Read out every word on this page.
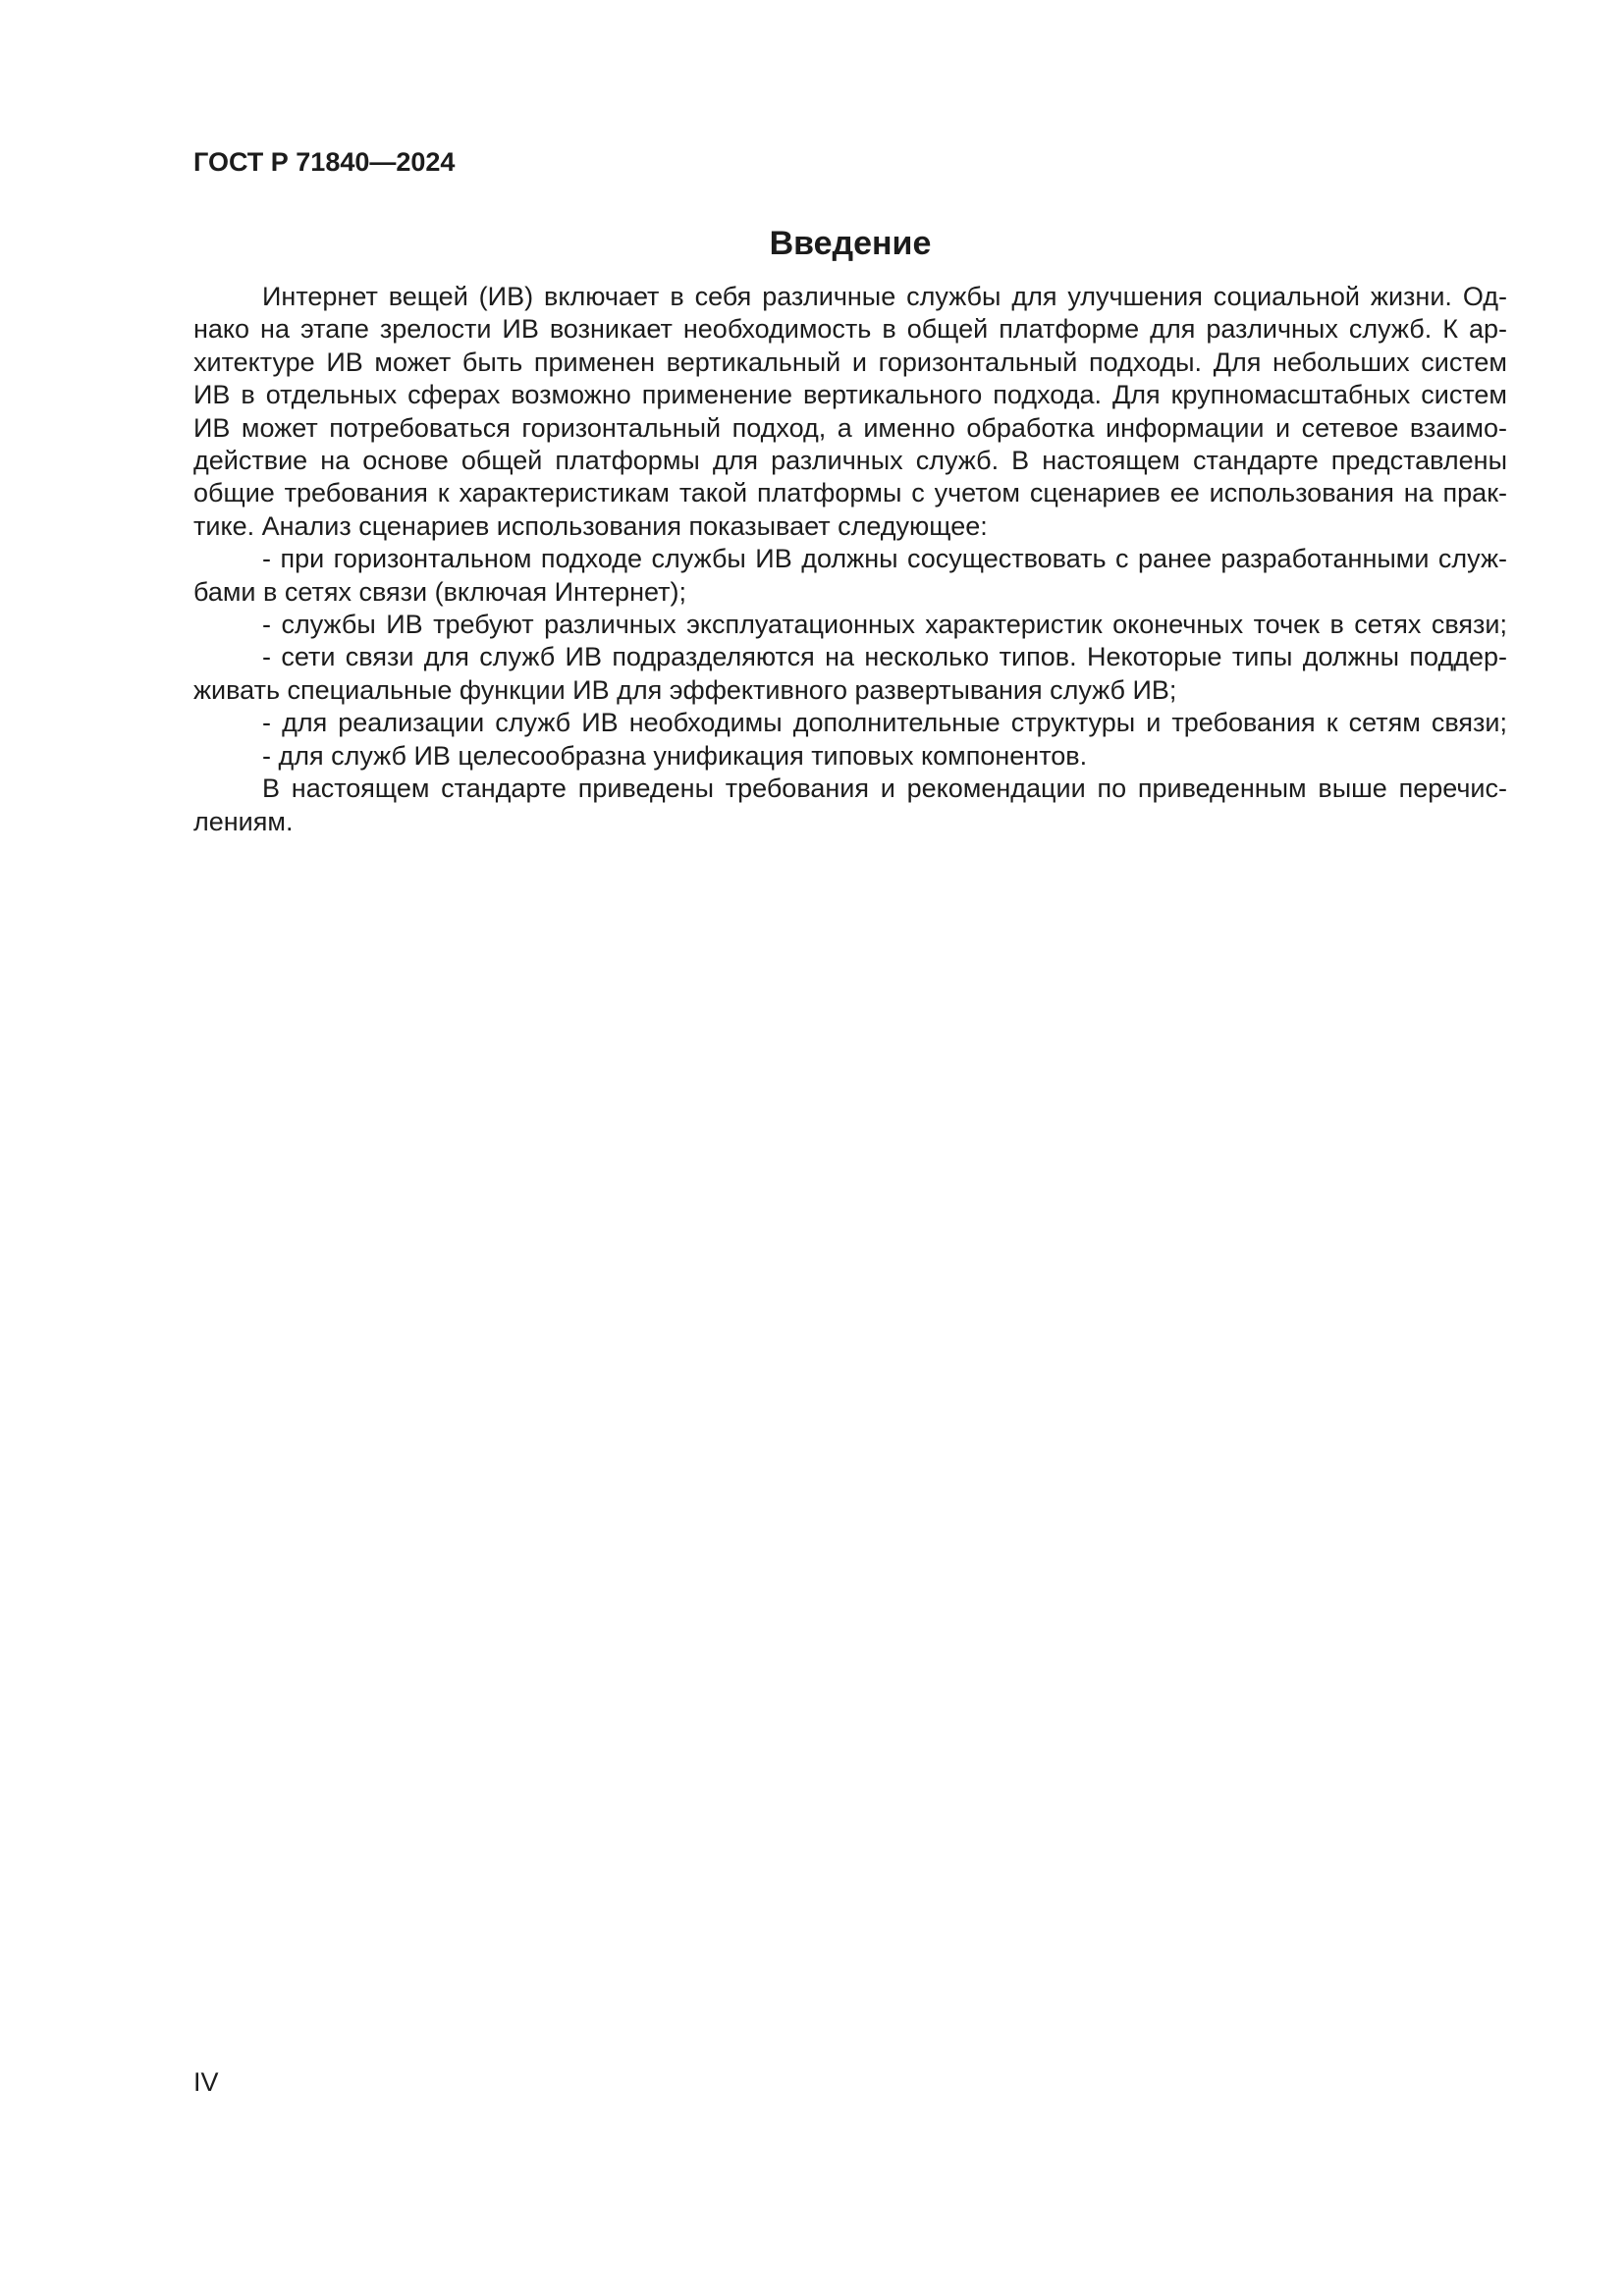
ГОСТ Р 71840—2024
Введение
Интернет вещей (ИВ) включает в себя различные службы для улучшения социальной жизни. Од-
нако на этапе зрелости ИВ возникает необходимость в общей платформе для различных служб. К ар-
хитектуре ИВ может быть применен вертикальный и горизонтальный подходы. Для небольших систем
ИВ в отдельных сферах возможно применение вертикального подхода. Для крупномасштабных систем
ИВ может потребоваться горизонтальный подход, а именно обработка информации и сетевое взаимо-
действие на основе общей платформы для различных служб. В настоящем стандарте представлены
общие требования к характеристикам такой платформы с учетом сценариев ее использования на прак-
тике. Анализ сценариев использования показывает следующее:
- при горизонтальном подходе службы ИВ должны сосуществовать с ранее разработанными служ-
бами в сетях связи (включая Интернет);
- службы ИВ требуют различных эксплуатационных характеристик оконечных точек в сетях связи;
- сети связи для служб ИВ подразделяются на несколько типов. Некоторые типы должны поддер-
живать специальные функции ИВ для эффективного развертывания служб ИВ;
- для реализации служб ИВ необходимы дополнительные структуры и требования к сетям связи;
- для служб ИВ целесообразна унификация типовых компонентов.
В настоящем стандарте приведены требования и рекомендации по приведенным выше перечис-
лениям.
IV
